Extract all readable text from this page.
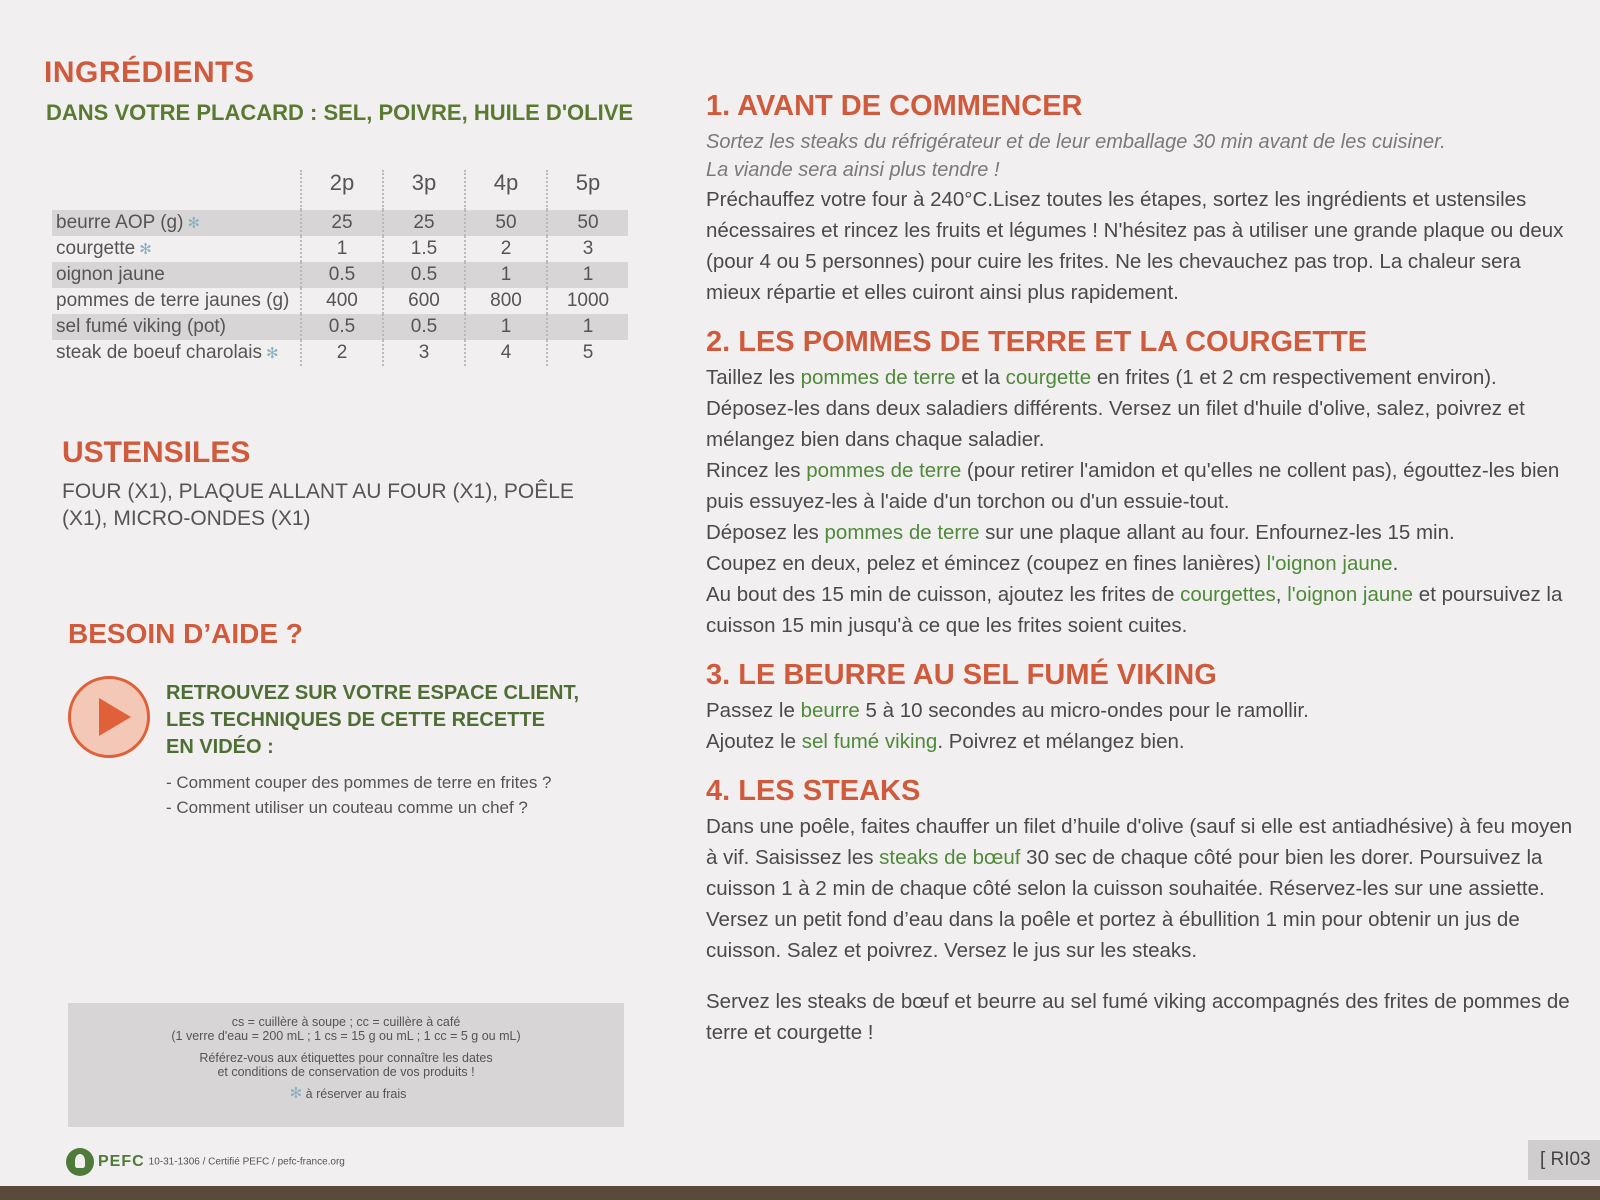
INGRÉDIENTS
DANS VOTRE PLACARD : SEL, POIVRE, HUILE D'OLIVE
	2p	3p	4p	5p
beurre AOP (g) ✻	25	25	50	50
courgette ✻	1	1.5	2	3
oignon jaune	0.5	0.5	1	1
pommes de terre jaunes (g)	400	600	800	1000
sel fumé viking (pot)	0.5	0.5	1	1
steak de boeuf charolais ✻	2	3	4	5
USTENSILES
FOUR (X1), PLAQUE ALLANT AU FOUR (X1), POÊLE (X1), MICRO-ONDES (X1)
BESOIN D’AIDE ?
RETROUVEZ SUR VOTRE ESPACE CLIENT,
LES TECHNIQUES DE CETTE RECETTE
EN VIDÉO :
- Comment couper des pommes de terre en frites ?
- Comment utiliser un couteau comme un chef ?
cs = cuillère à soupe ; cc = cuillère à café
(1 verre d'eau = 200 mL ; 1 cs = 15 g ou mL ; 1 cc = 5 g ou mL)
Référez-vous aux étiquettes pour connaître les dates
et conditions de conservation de vos produits !
✻ à réserver au frais
PEFC 10-31-1306 / Certifié PEFC / pefc-france.org	[ RI03
1. AVANT DE COMMENCER

Sortez les steaks du réfrigérateur et de leur emballage 30 min avant de les cuisiner.
La viande sera ainsi plus tendre !

Préchauffez votre four à 240°C.Lisez toutes les étapes, sortez les ingrédients et ustensiles nécessaires et rincez les fruits et légumes ! N'hésitez pas à utiliser une grande plaque ou deux (pour 4 ou 5 personnes) pour cuire les frites. Ne les chevauchez pas trop. La chaleur sera mieux répartie et elles cuiront ainsi plus rapidement.

2. LES POMMES DE TERRE ET LA COURGETTE

Taillez les pommes de terre et la courgette en frites (1 et 2 cm respectivement environ). Déposez-les dans deux saladiers différents. Versez un filet d'huile d'olive, salez, poivrez et mélangez bien dans chaque saladier.

Rincez les pommes de terre (pour retirer l'amidon et qu'elles ne collent pas), égouttez-les bien puis essuyez-les à l'aide d'un torchon ou d'un essuie-tout.

Déposez les pommes de terre sur une plaque allant au four. Enfournez-les 15 min.

Coupez en deux, pelez et émincez (coupez en fines lanières) l'oignon jaune.

Au bout des 15 min de cuisson, ajoutez les frites de courgettes, l'oignon jaune et poursuivez la cuisson 15 min jusqu'à ce que les frites soient cuites.

3. LE BEURRE AU SEL FUMÉ VIKING

Passez le beurre 5 à 10 secondes au micro-ondes pour le ramollir.

Ajoutez le sel fumé viking. Poivrez et mélangez bien.

4. LES STEAKS

Dans une poêle, faites chauffer un filet d’huile d'olive (sauf si elle est antiadhésive) à feu moyen à vif. Saisissez les steaks de bœuf 30 sec de chaque côté pour bien les dorer. Poursuivez la cuisson 1 à 2 min de chaque côté selon la cuisson souhaitée. Réservez-les sur une assiette. Versez un petit fond d’eau dans la poêle et portez à ébullition 1 min pour obtenir un jus de cuisson. Salez et poivrez. Versez le jus sur les steaks.

Servez les steaks de bœuf et beurre au sel fumé viking accompagnés des frites de pommes de terre et courgette !
